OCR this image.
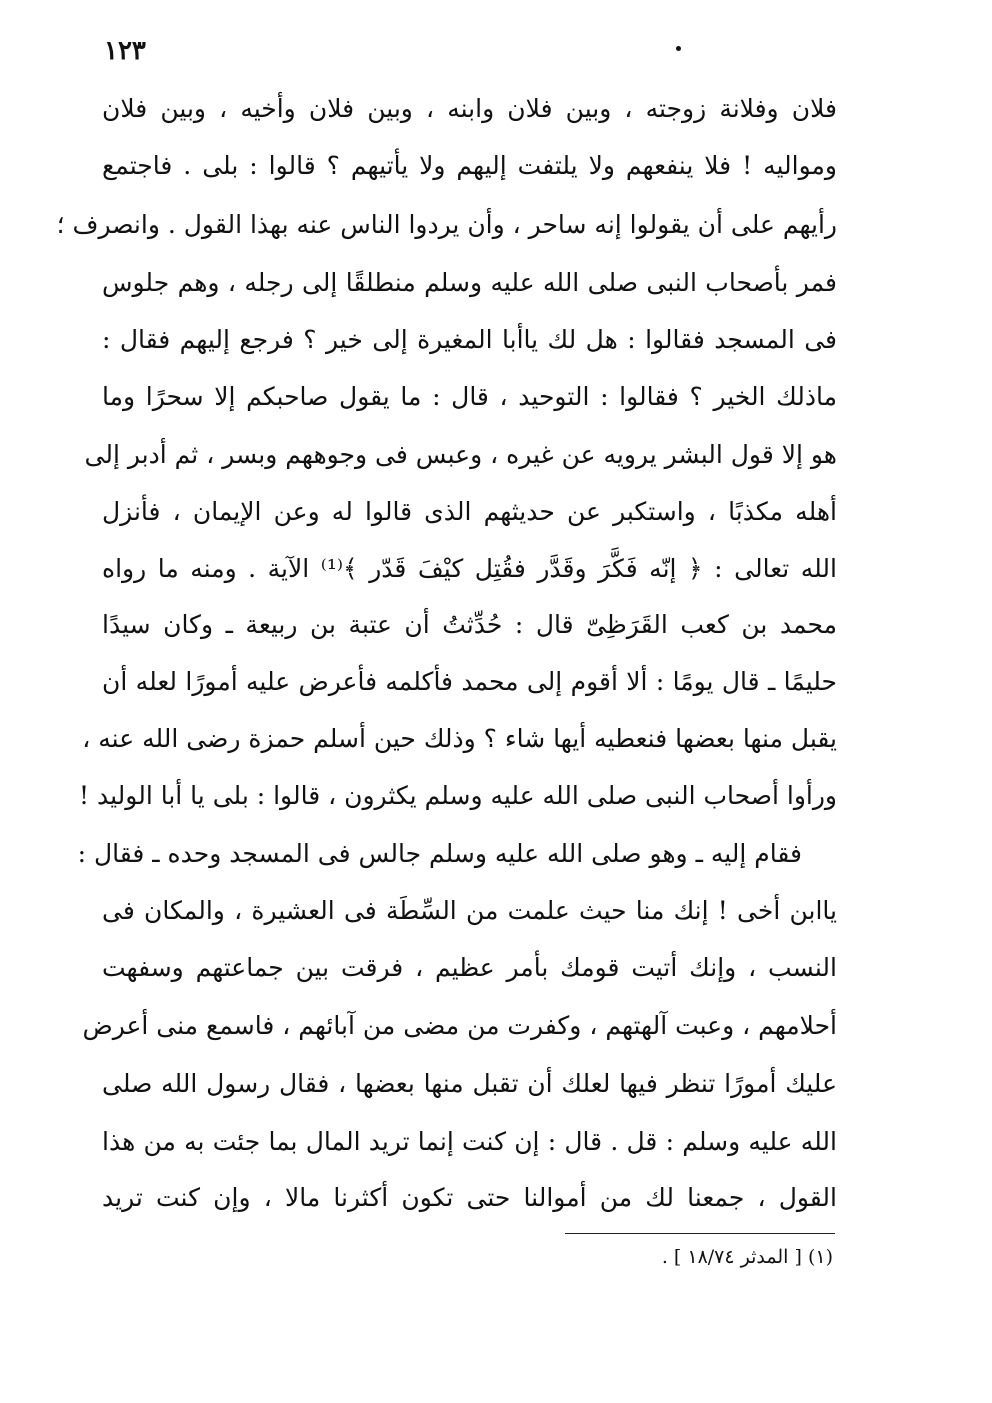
١٢٣
فلان وفلانة زوجته ، وبين فلان وابنه ، وبين فلان وأخيه ، وبين فلان
ومواليه ! فلا ينفعهم ولا يلتفت إليهم ولا يأتيهم ؟ قالوا : بلى . فاجتمع
رأيهم على أن يقولوا إنه ساحر ، وأن يردوا الناس عنه بهذا القول . وانصرف ؛
فمر بأصحاب النبى صلى الله عليه وسلم منطلقًا إلى رجله ، وهم جلوس
فى المسجد فقالوا : هل لك ياأبا المغيرة إلى خير ؟ فرجع إليهم فقال :
ماذلك الخير ؟ فقالوا : التوحيد ، قال : ما يقول صاحبكم إلا سحرًا وما
هو إلا قول البشر يرويه عن غيره ، وعبس فى وجوههم وبسر ، ثم أدبر إلى
أهله مكذبًا ، واستكبر عن حديثهم الذى قالوا له وعن الإيمان ، فأنزل
الله تعالى : ﴿ إنّه فَكَّرَ وقَدَّر فقُتِل كيْفَ قَدّر ﴾⁽¹⁾ الآية . ومنه ما رواه
محمد بن كعب القَرَظِىّ قال : حُدِّثتُ أن عتبة بن ربيعة ـ وكان سيدًا
حليمًا ـ قال يومًا : ألا أقوم إلى محمد فأكلمه فأعرض عليه أمورًا لعله أن
يقبل منها بعضها فنعطيه أيها شاء ؟ وذلك حين أسلم حمزة رضى الله عنه ،
ورأوا أصحاب النبى صلى الله عليه وسلم يكثرون ، قالوا : بلى يا أبا الوليد !
فقام إليه ـ وهو صلى الله عليه وسلم جالس فى المسجد وحده ـ فقال :
ياابن أخى ! إنك منا حيث علمت من السِّطَة فى العشيرة ، والمكان فى
النسب ، وإنك أتيت قومك بأمر عظيم ، فرقت بين جماعتهم وسفهت
أحلامهم ، وعبت آلهتهم ، وكفرت من مضى من آبائهم ، فاسمع منى أعرض
عليك أمورًا تنظر فيها لعلك أن تقبل منها بعضها ، فقال رسول الله صلى
الله عليه وسلم : قل . قال : إن كنت إنما تريد المال بما جئت به من هذا
القول ، جمعنا لك من أموالنا حتى تكون أكثرنا مالا ، وإن كنت تريد
(١) [ المدثر ١٨/٧٤ ] .
